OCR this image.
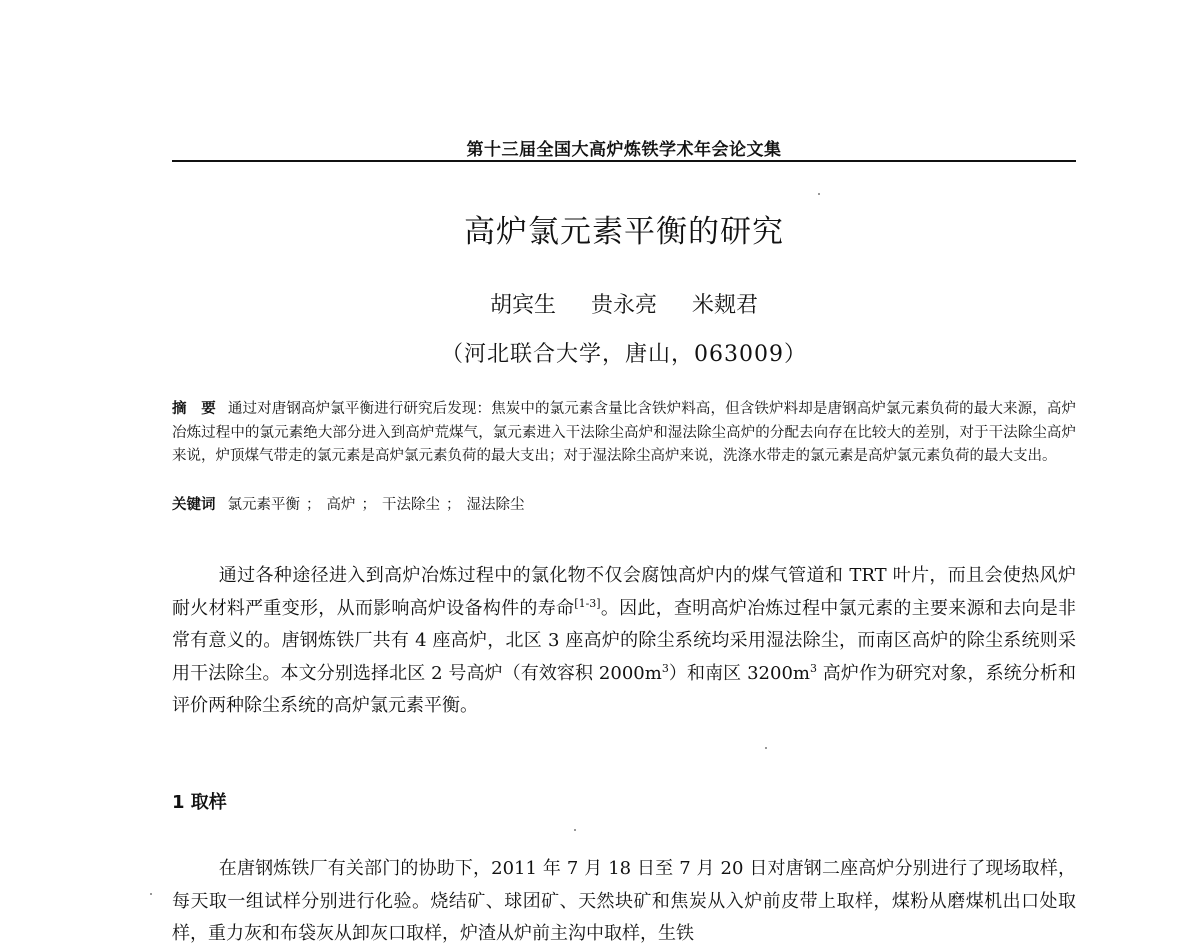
第十三届全国大高炉炼铁学术年会论文集
高炉氯元素平衡的研究
胡宾生 贵永亮 米觌君
（河北联合大学，唐山，063009）
摘　要 通过对唐钢高炉氯平衡进行研究后发现：焦炭中的氯元素含量比含铁炉料高，但含铁炉料却是唐钢高炉氯元素负荷的最大来源，高炉冶炼过程中的氯元素绝大部分进入到高炉荒煤气，氯元素进入干法除尘高炉和湿法除尘高炉的分配去向存在比较大的差别，对于干法除尘高炉来说，炉顶煤气带走的氯元素是高炉氯元素负荷的最大支出；对于湿法除尘高炉来说，洗涤水带走的氯元素是高炉氯元素负荷的最大支出。
关键词 氯元素平衡 ； 高炉 ； 干法除尘 ； 湿法除尘
通过各种途径进入到高炉冶炼过程中的氯化物不仅会腐蚀高炉内的煤气管道和 TRT 叶片，而且会使热风炉耐火材料严重变形，从而影响高炉设备构件的寿命[1-3]。因此，查明高炉冶炼过程中氯元素的主要来源和去向是非常有意义的。唐钢炼铁厂共有 4 座高炉，北区 3 座高炉的除尘系统均采用湿法除尘，而南区高炉的除尘系统则采用干法除尘。本文分别选择北区 2 号高炉（有效容积 $2000m^3$）和南区 $3200m^3$ 高炉作为研究对象，系统分析和评价两种除尘系统的高炉氯元素平衡。
1 取样
在唐钢炼铁厂有关部门的协助下，2011 年 7 月 18 日至 7 月 20 日对唐钢二座高炉分别进行了现场取样，每天取一组试样分别进行化验。烧结矿、球团矿、天然块矿和焦炭从入炉前皮带上取样，煤粉从磨煤机出口处取样，重力灰和布袋灰从卸灰口取样，炉渣从炉前主沟中取样，生铁
